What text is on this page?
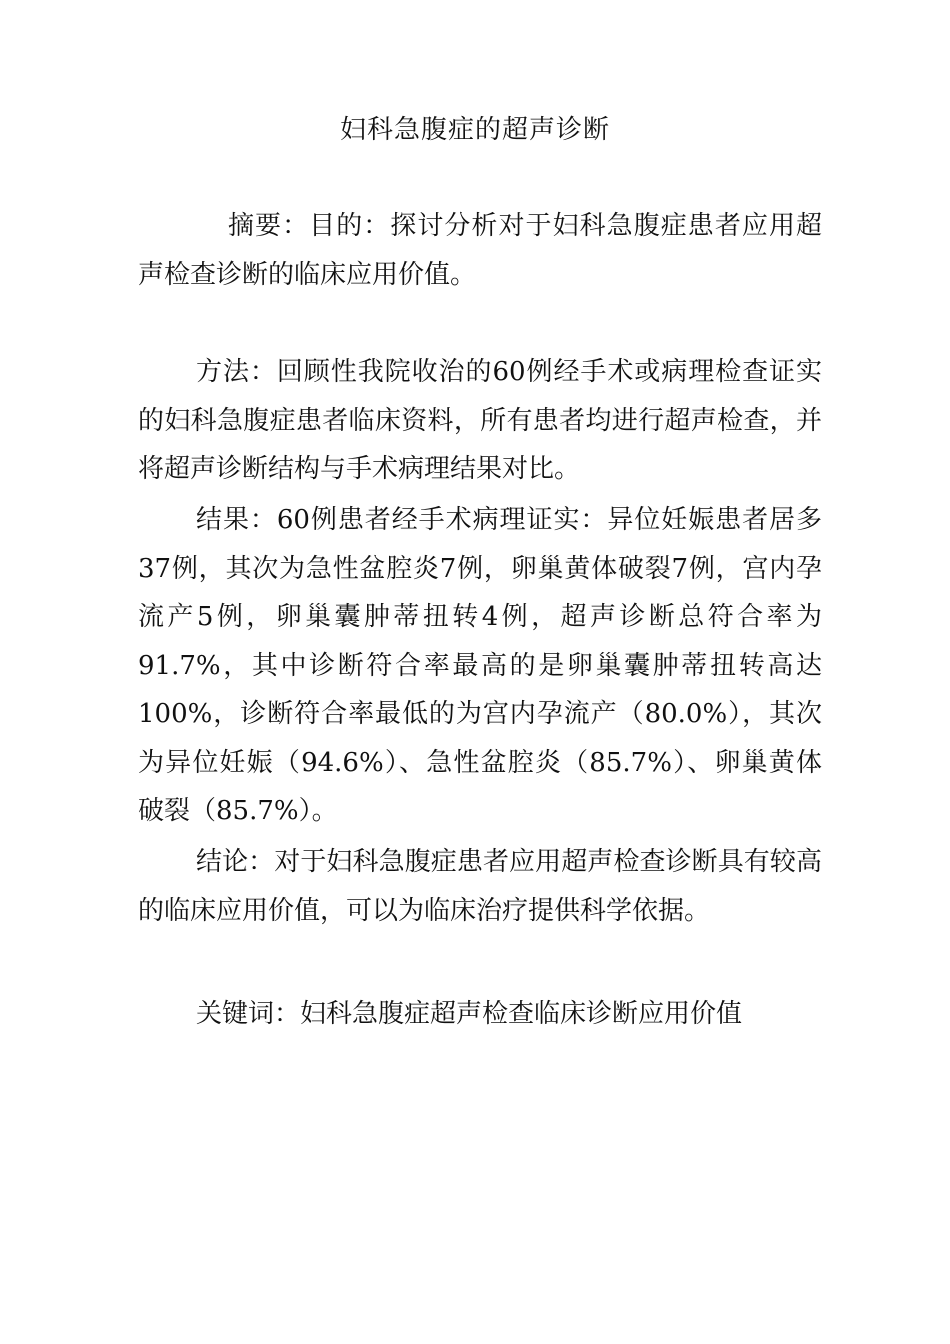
妇科急腹症的超声诊断

摘要：目的：探讨分析对于妇科急腹症患者应用超声检查诊断的临床应用价值。

方法：回顾性我院收治的60例经手术或病理检查证实的妇科急腹症患者临床资料，所有患者均进行超声检查，并将超声诊断结构与手术病理结果对比。

结果：60例患者经手术病理证实：异位妊娠患者居多37例，其次为急性盆腔炎7例，卵巢黄体破裂7例，宫内孕流产5例，卵巢囊肿蒂扭转4例，超声诊断总符合率为91.7%，其中诊断符合率最高的是卵巢囊肿蒂扭转高达100%，诊断符合率最低的为宫内孕流产（80.0%），其次为异位妊娠（94.6%）、急性盆腔炎（85.7%）、卵巢黄体破裂（85.7%）。

结论：对于妇科急腹症患者应用超声检查诊断具有较高的临床应用价值，可以为临床治疗提供科学依据。

关键词：妇科急腹症超声检查临床诊断应用价值
